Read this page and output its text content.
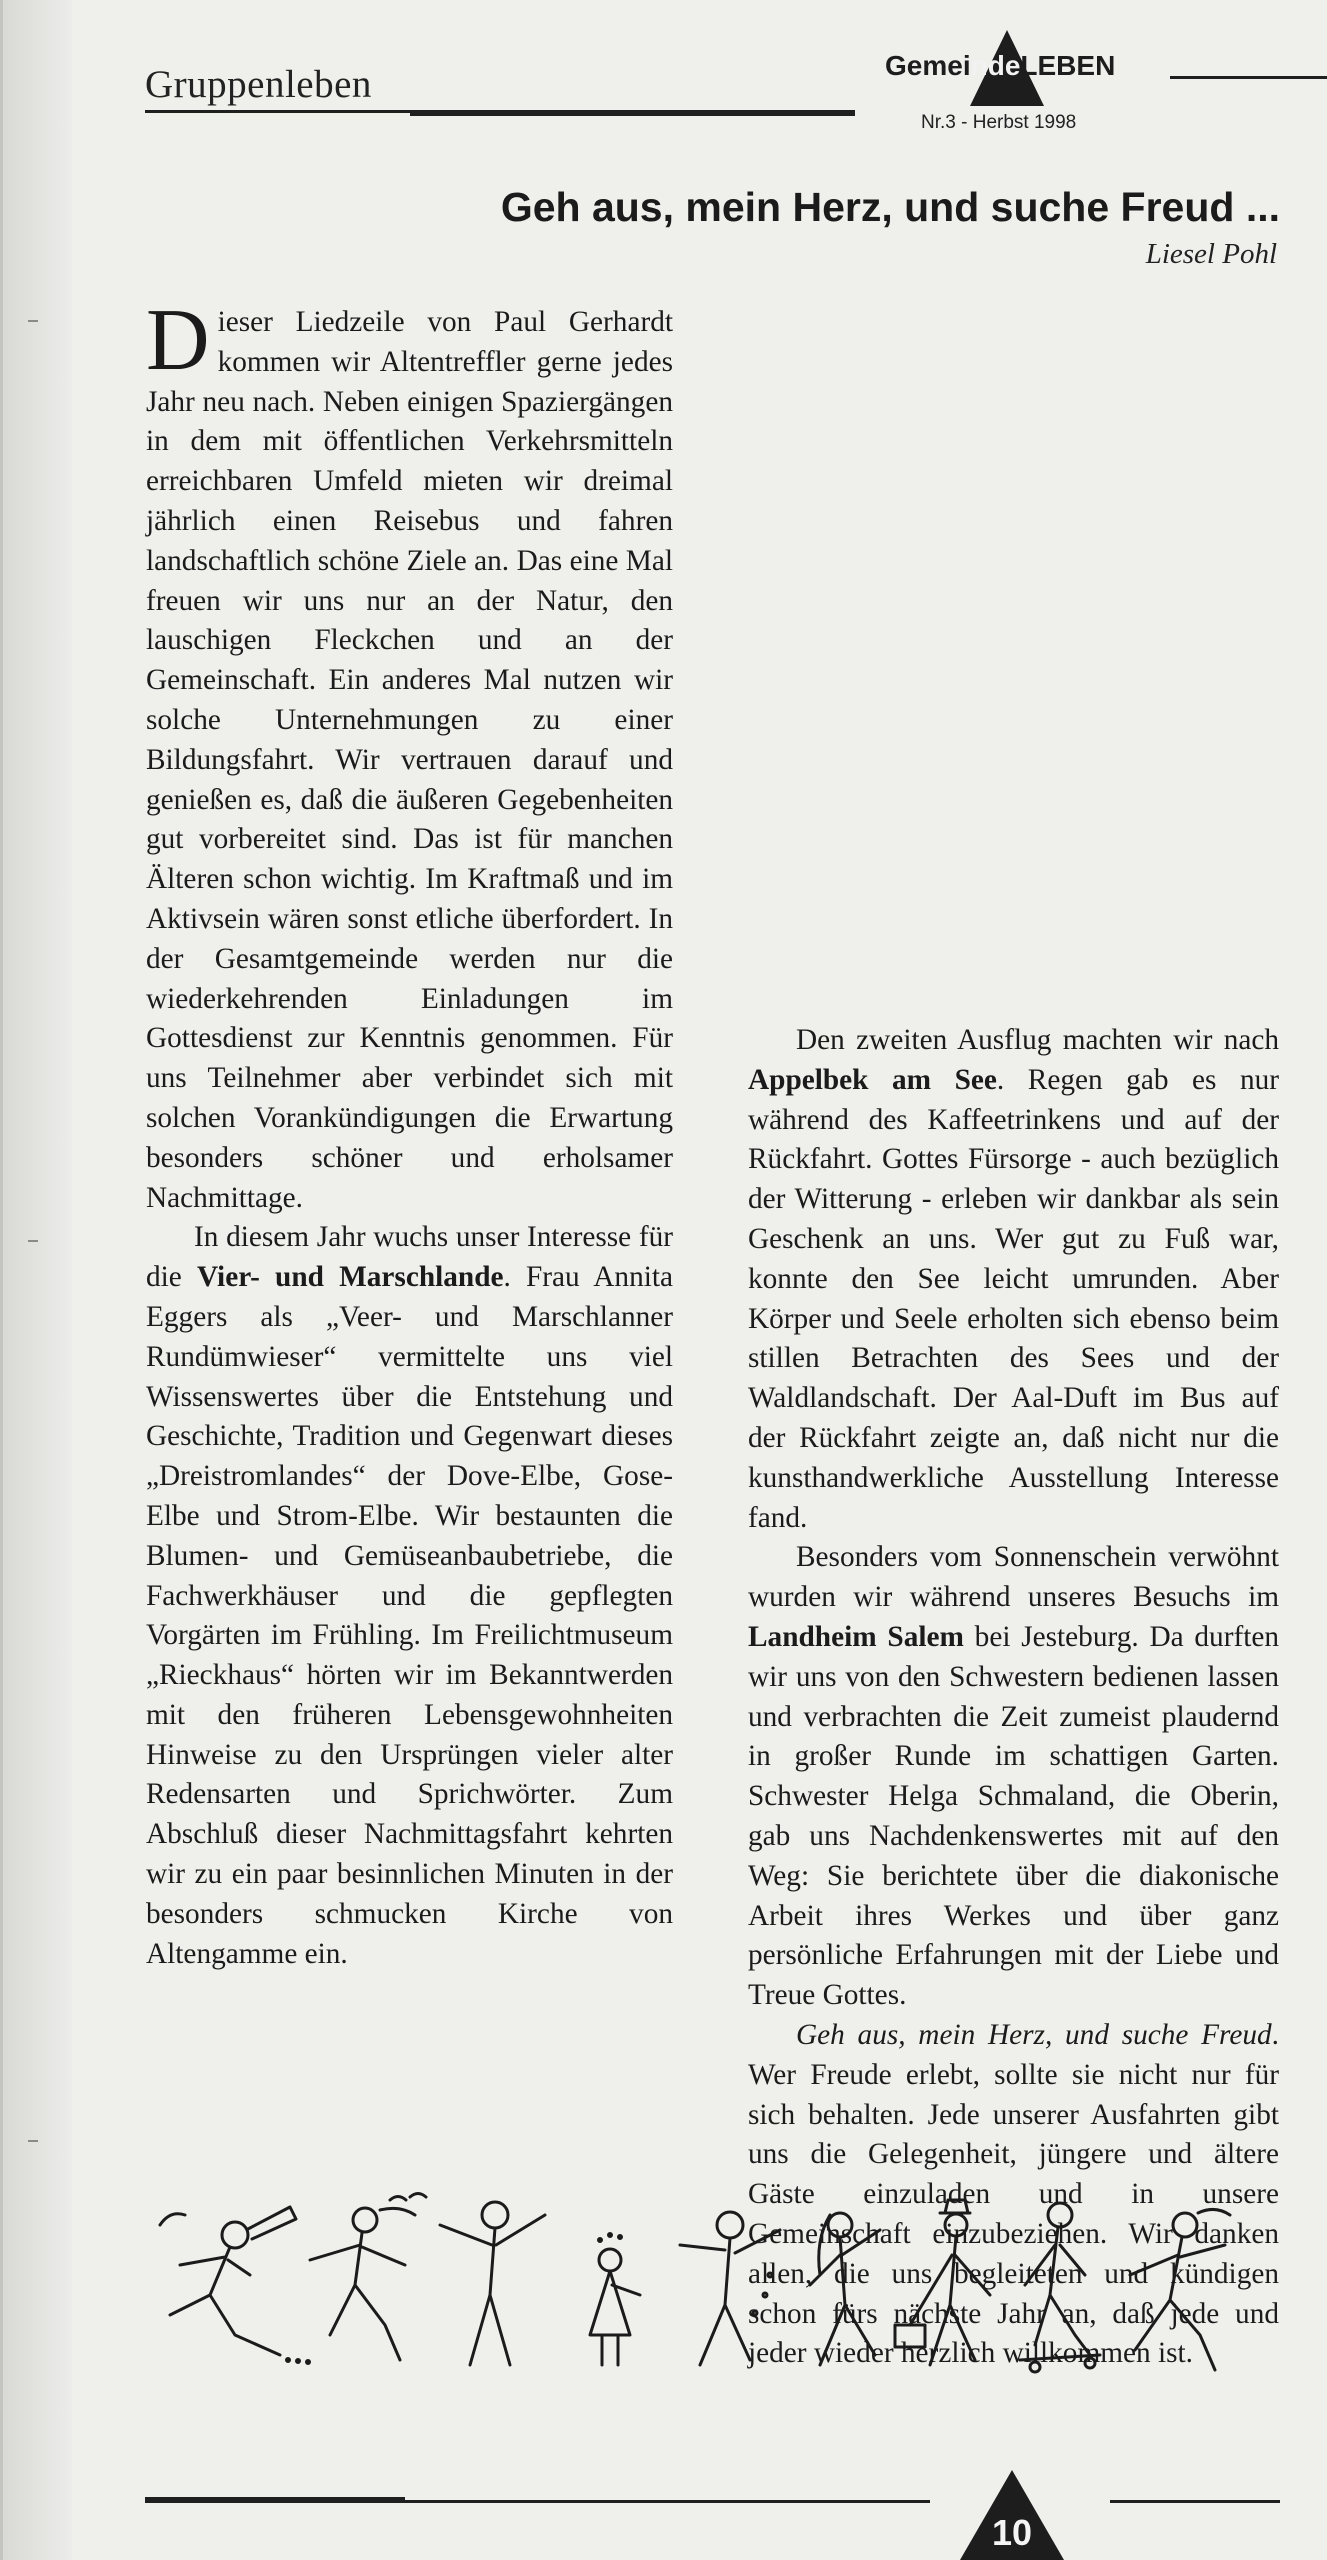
Gruppenleben	GemeindeLEBEN
Nr.3 - Herbst 1998
Geh aus, mein Herz, und suche Freud ...
Liesel Pohl

Dieser Liedzeile von Paul Gerhardt kommen wir Altentreffler gerne jedes Jahr neu nach. Neben einigen Spaziergängen in dem mit öffentlichen Verkehrsmitteln erreichbaren Umfeld mieten wir dreimal jährlich einen Reisebus und fahren landschaftlich schöne Ziele an. Das eine Mal freuen wir uns nur an der Natur, den lauschigen Fleckchen und an der Gemeinschaft. Ein anderes Mal nutzen wir solche Unternehmungen zu einer Bildungsfahrt. Wir vertrauen darauf und genießen es, daß die äußeren Gegebenheiten gut vorbereitet sind. Das ist für manchen Älteren schon wichtig. Im Kraftmaß und im Aktivsein wären sonst etliche überfordert. In der Gesamtgemeinde werden nur die wiederkehrenden Einladungen im Gottesdienst zur Kenntnis genommen. Für uns Teilnehmer aber verbindet sich mit solchen Vorankündigungen die Erwartung besonders schöner und erholsamer Nachmittage.

In diesem Jahr wuchs unser Interesse für die Vier- und Marschlande. Frau Annita Eggers als „Veer- und Marschlanner Rundümwieser“ vermittelte uns viel Wissenswertes über die Entstehung und Geschichte, Tradition und Gegenwart dieses „Dreistromlandes“ der Dove-Elbe, Gose-Elbe und Strom-Elbe. Wir bestaunten die Blumen- und Gemüseanbaubetriebe, die Fachwerkhäuser und die gepflegten Vorgärten im Frühling. Im Freilichtmuseum „Rieckhaus“ hörten wir im Bekanntwerden mit den früheren Lebensgewohnheiten Hinweise zu den Ursprüngen vieler alter Redensarten und Sprichwörter. Zum Abschluß dieser Nachmittagsfahrt kehrten wir zu ein paar besinnlichen Minuten in der besonders schmucken Kirche von Altengamme ein.

Den zweiten Ausflug machten wir nach Appelbek am See. Regen gab es nur während des Kaffeetrinkens und auf der Rückfahrt. Gottes Fürsorge - auch bezüglich der Witterung - erleben wir dankbar als sein Geschenk an uns. Wer gut zu Fuß war, konnte den See leicht umrunden. Aber Körper und Seele erholten sich ebenso beim stillen Betrachten des Sees und der Waldlandschaft. Der Aal-Duft im Bus auf der Rückfahrt zeigte an, daß nicht nur die kunsthandwerkliche Ausstellung Interesse fand.

Besonders vom Sonnenschein verwöhnt wurden wir während unseres Besuchs im Landheim Salem bei Jesteburg. Da durften wir uns von den Schwestern bedienen lassen und verbrachten die Zeit zumeist plaudernd in großer Runde im schattigen Garten. Schwester Helga Schmaland, die Oberin, gab uns Nachdenkenswertes mit auf den Weg: Sie berichtete über die diakonische Arbeit ihres Werkes und über ganz persönliche Erfahrungen mit der Liebe und Treue Gottes.

Geh aus, mein Herz, und suche Freud. Wer Freude erlebt, sollte sie nicht nur für sich behalten. Jede unserer Ausfahrten gibt uns die Gelegenheit, jüngere und ältere Gäste einzuladen und in unsere Gemeinschaft einzubeziehen. Wir danken allen, die uns begleiteten und kündigen schon fürs nächste Jahr an, daß jede und jeder wieder herzlich willkommen ist.

10
